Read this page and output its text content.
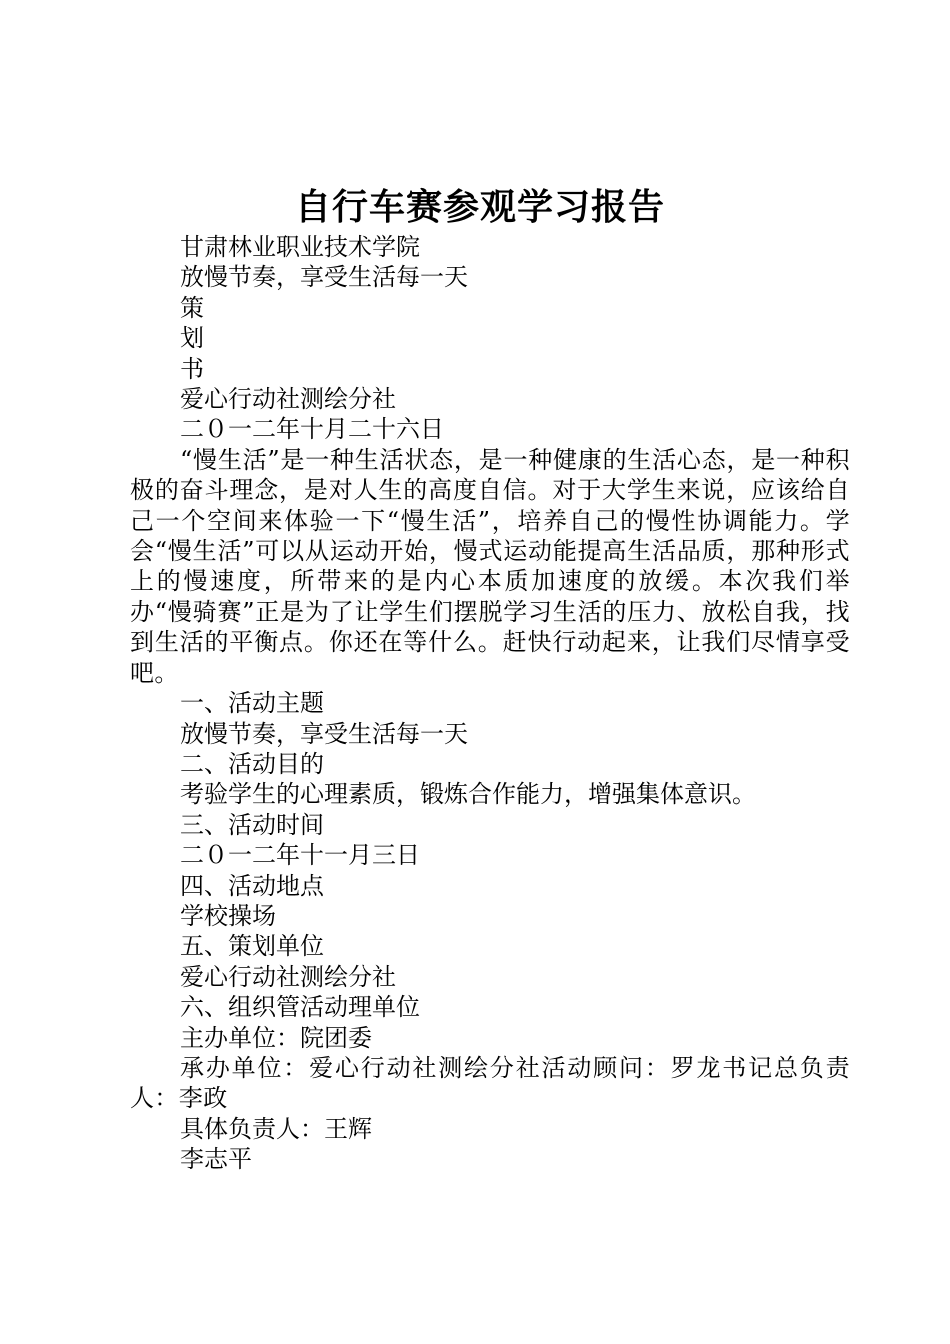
自行车赛参观学习报告

甘肃林业职业技术学院

放慢节奏，享受生活每一天

策

划

书

爱心行动社测绘分社

二０一二年十月二十六日

“慢生活”是一种生活状态，是一种健康的生活心态，是一种积极的奋斗理念，是对人生的高度自信。对于大学生来说，应该给自己一个空间来体验一下“慢生活”，培养自己的慢性协调能力。学会“慢生活”可以从运动开始，慢式运动能提高生活品质，那种形式上的慢速度，所带来的是内心本质加速度的放缓。本次我们举办“慢骑赛”正是为了让学生们摆脱学习生活的压力、放松自我，找到生活的平衡点。你还在等什么。赶快行动起来，让我们尽情享受吧。

一、活动主题

放慢节奏，享受生活每一天

二、活动目的

考验学生的心理素质，锻炼合作能力，增强集体意识。

三、活动时间

二０一二年十一月三日

四、活动地点

学校操场

五、策划单位

爱心行动社测绘分社

六、组织管活动理单位

主办单位：院团委

承办单位：爱心行动社测绘分社活动顾问：罗龙书记总负责人：李政

具体负责人：王辉

李志平
